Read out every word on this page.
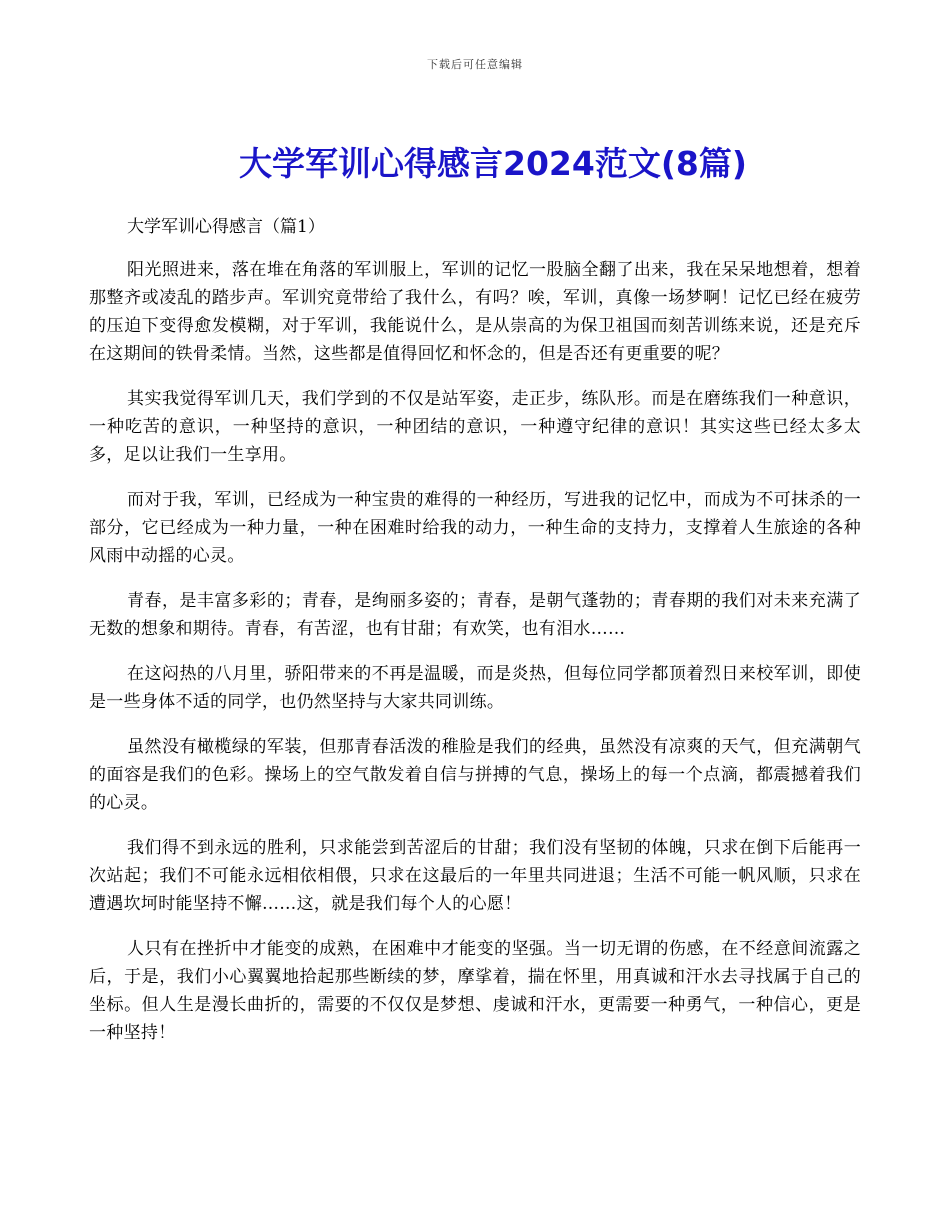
下载后可任意编辑
大学军训心得感言2024范文(8篇)
大学军训心得感言（篇1）

阳光照进来，落在堆在角落的军训服上，军训的记忆一股脑全翻了出来，我在呆呆地想着，想着那整齐或凌乱的踏步声。军训究竟带给了我什么，有吗？唉，军训，真像一场梦啊！记忆已经在疲劳的压迫下变得愈发模糊，对于军训，我能说什么，是从崇高的为保卫祖国而刻苦训练来说，还是充斥在这期间的铁骨柔情。当然，这些都是值得回忆和怀念的，但是否还有更重要的呢？

其实我觉得军训几天，我们学到的不仅是站军姿，走正步，练队形。而是在磨练我们一种意识，一种吃苦的意识，一种坚持的意识，一种团结的意识，一种遵守纪律的意识！其实这些已经太多太多，足以让我们一生享用。

而对于我，军训，已经成为一种宝贵的难得的一种经历，写进我的记忆中，而成为不可抹杀的一部分，它已经成为一种力量，一种在困难时给我的动力，一种生命的支持力，支撑着人生旅途的各种风雨中动摇的心灵。

青春，是丰富多彩的；青春，是绚丽多姿的；青春，是朝气蓬勃的；青春期的我们对未来充满了无数的想象和期待。青春，有苦涩，也有甘甜；有欢笑，也有泪水……

在这闷热的八月里，骄阳带来的不再是温暖，而是炎热，但每位同学都顶着烈日来校军训，即使是一些身体不适的同学，也仍然坚持与大家共同训练。

虽然没有橄榄绿的军装，但那青春活泼的稚脸是我们的经典，虽然没有凉爽的天气，但充满朝气的面容是我们的色彩。操场上的空气散发着自信与拼搏的气息，操场上的每一个点滴，都震撼着我们的心灵。

我们得不到永远的胜利，只求能尝到苦涩后的甘甜；我们没有坚韧的体魄，只求在倒下后能再一次站起；我们不可能永远相依相偎，只求在这最后的一年里共同进退；生活不可能一帆风顺，只求在遭遇坎坷时能坚持不懈……这，就是我们每个人的心愿！

人只有在挫折中才能变的成熟，在困难中才能变的坚强。当一切无谓的伤感，在不经意间流露之后，于是，我们小心翼翼地拾起那些断续的梦，摩挲着，揣在怀里，用真诚和汗水去寻找属于自己的坐标。但人生是漫长曲折的，需要的不仅仅是梦想、虔诚和汗水，更需要一种勇气，一种信心，更是一种坚持！
